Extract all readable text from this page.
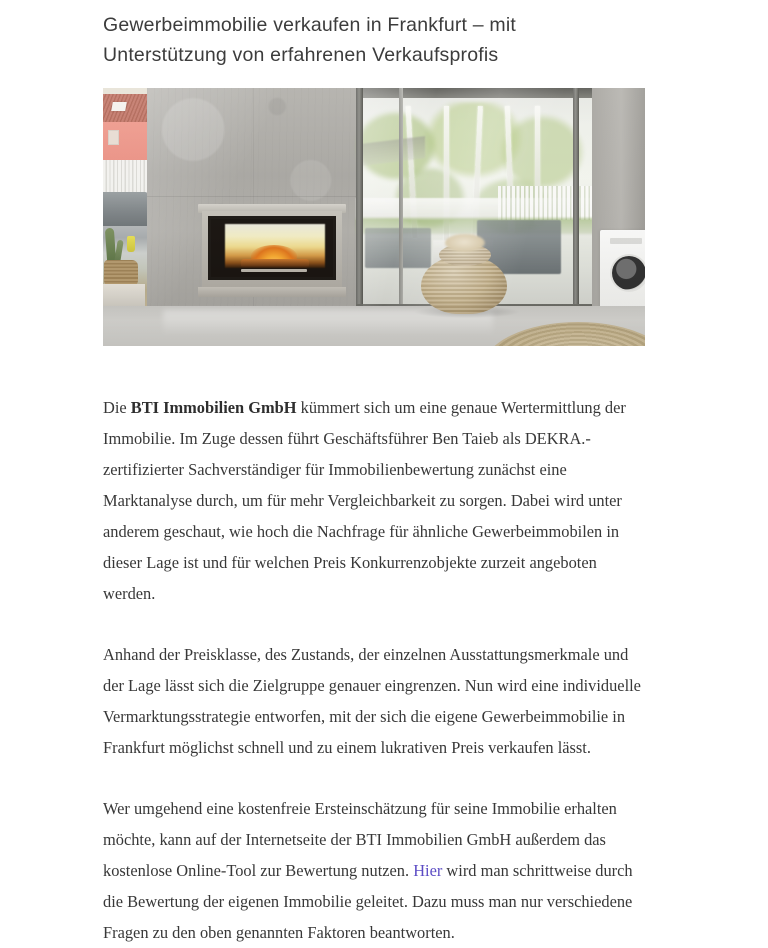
Gewerbeimmobilie verkaufen in Frankfurt – mit Unterstützung von erfahrenen Verkaufsprofis

Die BTI Immobilien GmbH kümmert sich um eine genaue Wertermittlung der Immobilie. Im Zuge dessen führt Geschäftsführer Ben Taieb als DEKRA.-zertifizierter Sachverständiger für Immobilienbewertung zunächst eine Marktanalyse durch, um für mehr Vergleichbarkeit zu sorgen. Dabei wird unter anderem geschaut, wie hoch die Nachfrage für ähnliche Gewerbeimmobilen in dieser Lage ist und für welchen Preis Konkurrenzobjekte zurzeit angeboten werden.

Anhand der Preisklasse, des Zustands, der einzelnen Ausstattungsmerkmale und der Lage lässt sich die Zielgruppe genauer eingrenzen. Nun wird eine individuelle Vermarktungsstrategie entworfen, mit der sich die eigene Gewerbeimmobilie in Frankfurt möglichst schnell und zu einem lukrativen Preis verkaufen lässt.

Wer umgehend eine kostenfreie Ersteinschätzung für seine Immobilie erhalten möchte, kann auf der Internetseite der BTI Immobilien GmbH außerdem das kostenlose Online-Tool zur Bewertung nutzen. Hier wird man schrittweise durch die Bewertung der eigenen Immobilie geleitet. Dazu muss man nur verschiedene Fragen zu den oben genannten Faktoren beantworten.
